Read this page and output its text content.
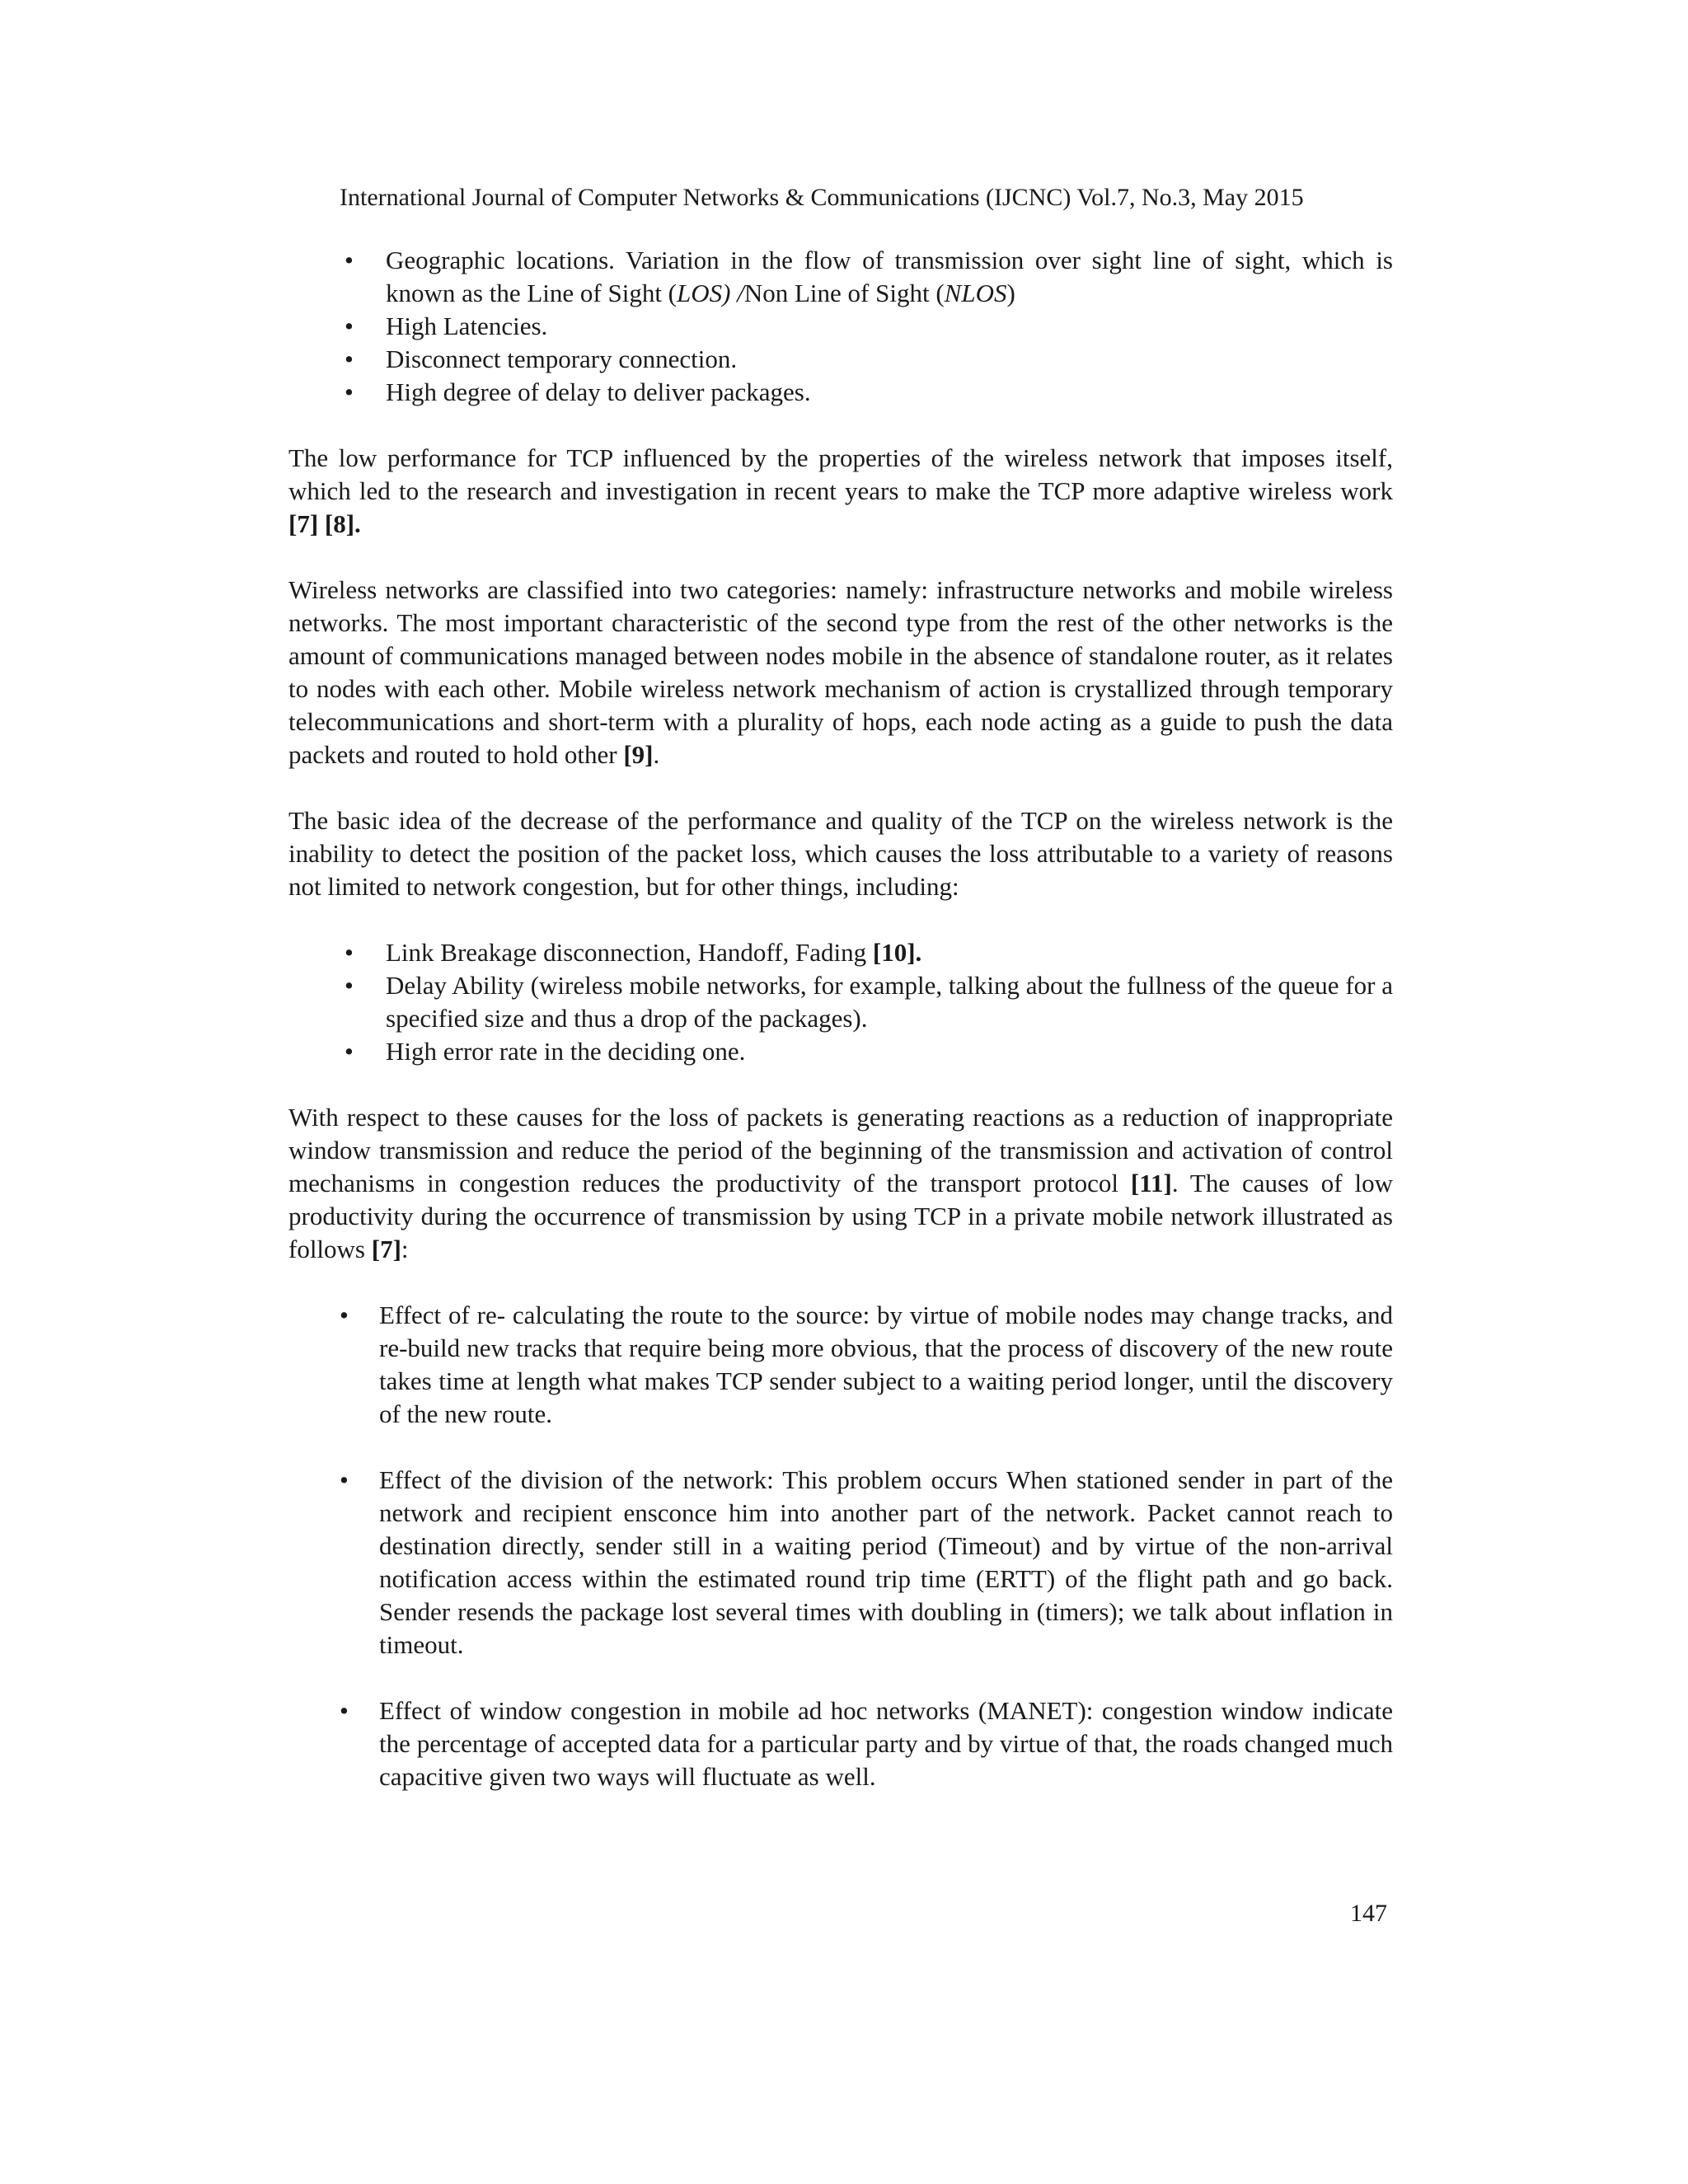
International Journal of Computer Networks & Communications (IJCNC) Vol.7, No.3, May 2015
• Geographic locations. Variation in the flow of transmission over sight line of sight, which is known as the Line of Sight (LOS) /Non Line of Sight (NLOS)
• High Latencies.
• Disconnect temporary connection.
• High degree of delay to deliver packages.

The low performance for TCP influenced by the properties of the wireless network that imposes itself, which led to the research and investigation in recent years to make the TCP more adaptive wireless work [7] [8].

Wireless networks are classified into two categories: namely: infrastructure networks and mobile wireless networks. The most important characteristic of the second type from the rest of the other networks is the amount of communications managed between nodes mobile in the absence of standalone router, as it relates to nodes with each other. Mobile wireless network mechanism of action is crystallized through temporary telecommunications and short-term with a plurality of hops, each node acting as a guide to push the data packets and routed to hold other [9].

The basic idea of the decrease of the performance and quality of the TCP on the wireless network is the inability to detect the position of the packet loss, which causes the loss attributable to a variety of reasons not limited to network congestion, but for other things, including:

• Link Breakage disconnection, Handoff, Fading [10].
• Delay Ability (wireless mobile networks, for example, talking about the fullness of the queue for a specified size and thus a drop of the packages).
• High error rate in the deciding one.

With respect to these causes for the loss of packets is generating reactions as a reduction of inappropriate window transmission and reduce the period of the beginning of the transmission and activation of control mechanisms in congestion reduces the productivity of the transport protocol [11]. The causes of low productivity during the occurrence of transmission by using TCP in a private mobile network illustrated as follows [7]:

• Effect of re- calculating the route to the source: by virtue of mobile nodes may change tracks, and re-build new tracks that require being more obvious, that the process of discovery of the new route takes time at length what makes TCP sender subject to a waiting period longer, until the discovery of the new route.
• Effect of the division of the network: This problem occurs When stationed sender in part of the network and recipient ensconce him into another part of the network. Packet cannot reach to destination directly, sender still in a waiting period (Timeout) and by virtue of the non-arrival notification access within the estimated round trip time (ERTT) of the flight path and go back. Sender resends the package lost several times with doubling in (timers); we talk about inflation in timeout.
• Effect of window congestion in mobile ad hoc networks (MANET): congestion window indicate the percentage of accepted data for a particular party and by virtue of that, the roads changed much capacitive given two ways will fluctuate as well.
147
